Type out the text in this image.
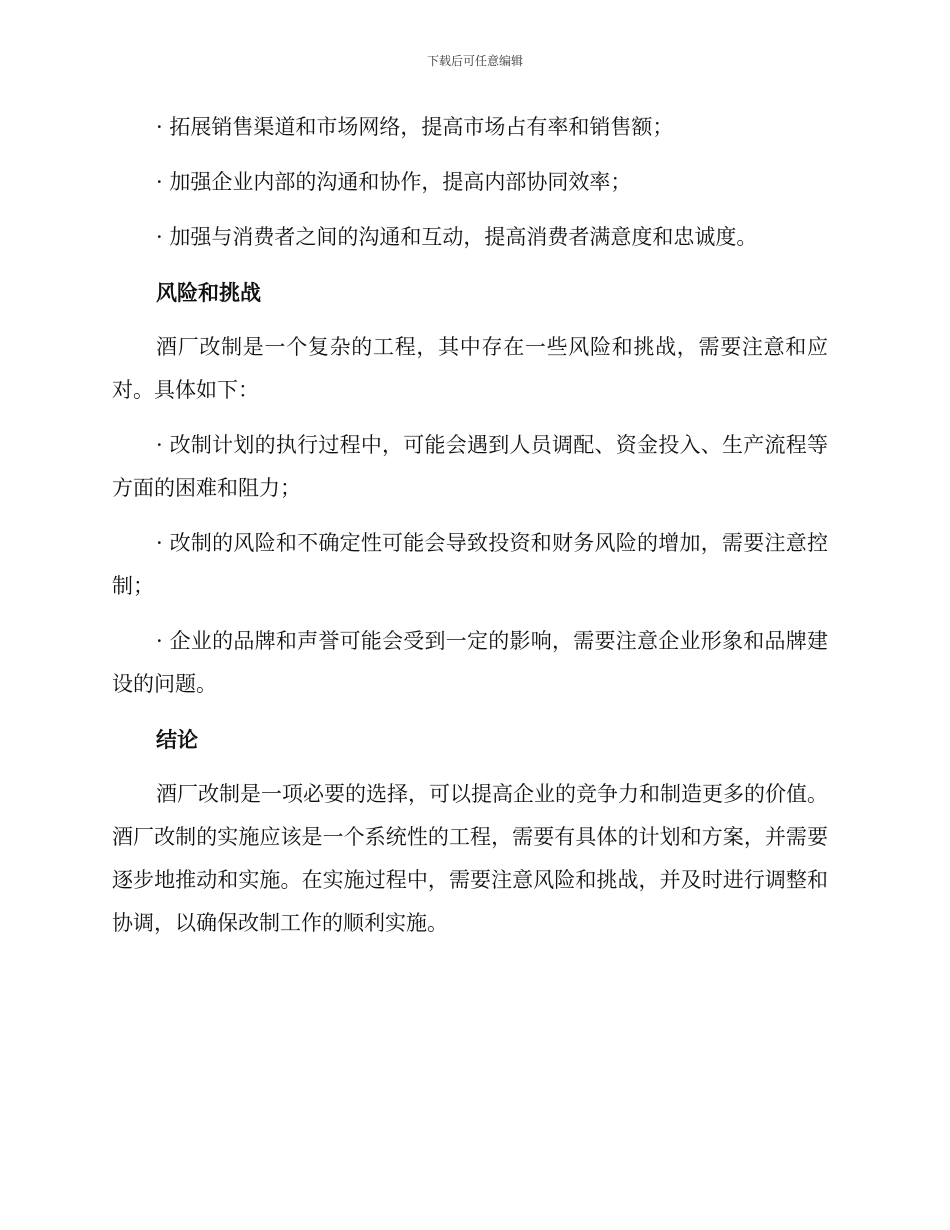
下载后可任意编辑

· 拓展销售渠道和市场网络，提高市场占有率和销售额；

· 加强企业内部的沟通和协作，提高内部协同效率；

· 加强与消费者之间的沟通和互动，提高消费者满意度和忠诚度。

风险和挑战

酒厂改制是一个复杂的工程，其中存在一些风险和挑战，需要注意和应对。具体如下：

· 改制计划的执行过程中，可能会遇到人员调配、资金投入、生产流程等方面的困难和阻力；

· 改制的风险和不确定性可能会导致投资和财务风险的增加，需要注意控制；

· 企业的品牌和声誉可能会受到一定的影响，需要注意企业形象和品牌建设的问题。

结论

酒厂改制是一项必要的选择，可以提高企业的竞争力和制造更多的价值。酒厂改制的实施应该是一个系统性的工程，需要有具体的计划和方案，并需要逐步地推动和实施。在实施过程中，需要注意风险和挑战，并及时进行调整和协调，以确保改制工作的顺利实施。
